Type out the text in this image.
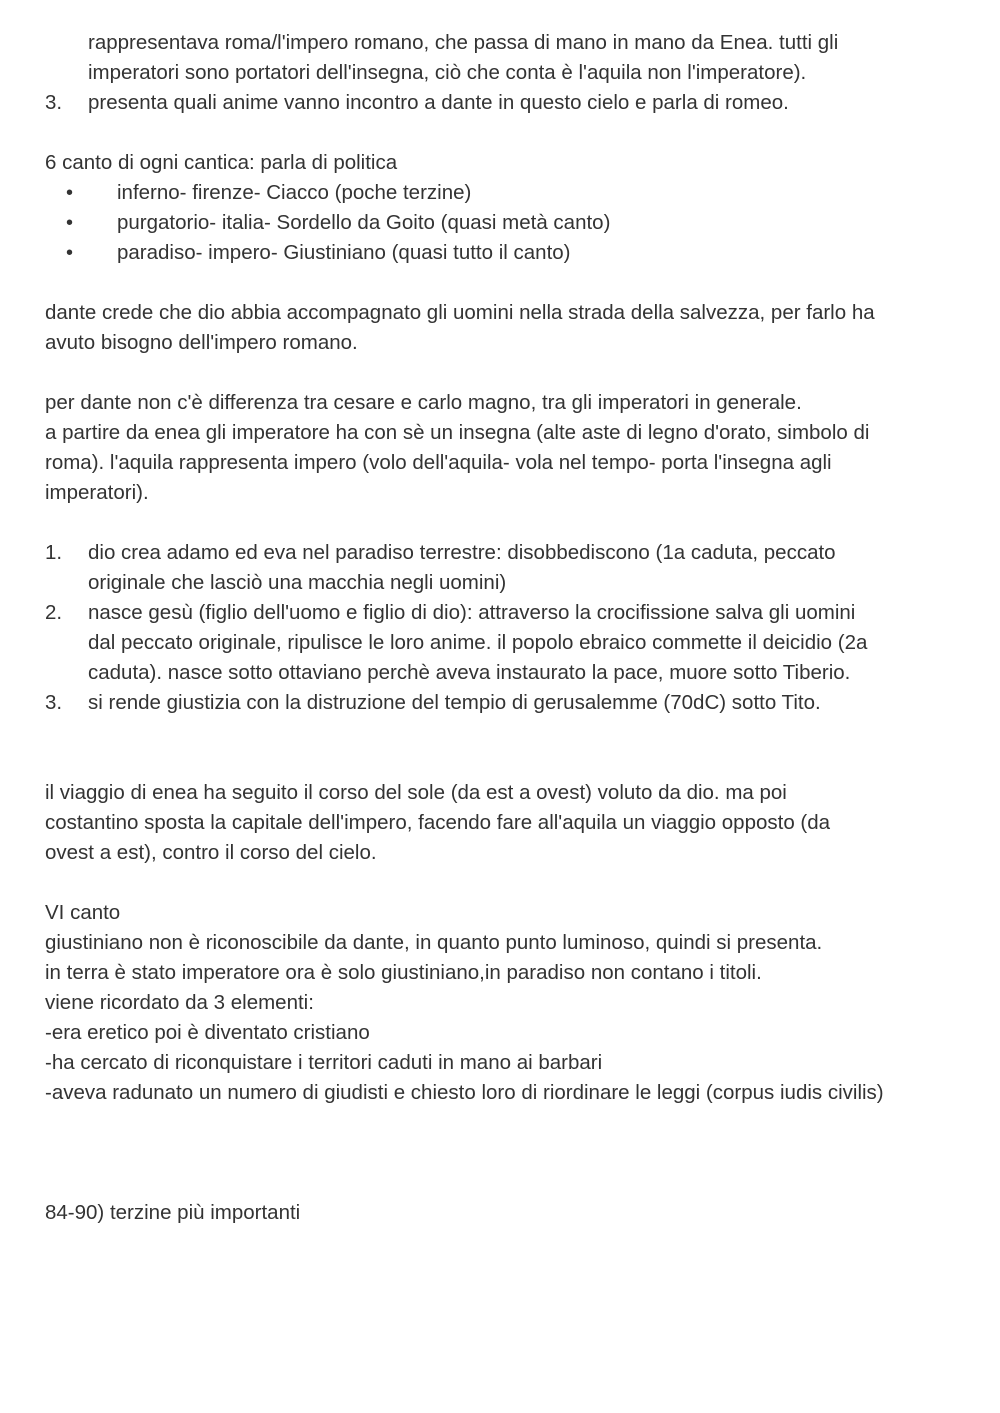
rappresentava roma/l'impero romano, che passa di mano in mano da Enea. tutti gli
imperatori sono portatori dell'insegna, ciò che conta è l'aquila non l'imperatore).
3. presenta quali anime vanno incontro a dante in questo cielo e parla di romeo.
6 canto di ogni cantica: parla di politica
• inferno- firenze- Ciacco (poche terzine)
• purgatorio- italia- Sordello da Goito (quasi metà canto)
• paradiso- impero- Giustiniano (quasi tutto il canto)
dante crede che dio abbia accompagnato gli uomini nella strada della salvezza, per farlo ha
avuto bisogno dell'impero romano.
per dante non c'è differenza tra cesare e carlo magno, tra gli imperatori in generale.
a partire da enea gli imperatore ha con sè un insegna (alte aste di legno d'orato, simbolo di
roma). l'aquila rappresenta impero (volo dell'aquila- vola nel tempo- porta l'insegna agli
imperatori).
1. dio crea adamo ed eva nel paradiso terrestre: disobbediscono (1a caduta, peccato
originale che lasciò una macchia negli uomini)
2. nasce gesù (figlio dell'uomo e figlio di dio): attraverso la crocifissione salva gli uomini
dal peccato originale, ripulisce le loro anime. il popolo ebraico commette il deicidio (2a
caduta). nasce sotto ottaviano perchè aveva instaurato la pace, muore sotto Tiberio.
3. si rende giustizia con la distruzione del tempio di gerusalemme (70dC) sotto Tito.
il viaggio di enea ha seguito il corso del sole (da est a ovest) voluto da dio. ma poi
costantino sposta la capitale dell'impero, facendo fare all'aquila un viaggio opposto (da
ovest a est), contro il corso del cielo.
VI canto
giustiniano non è riconoscibile da dante, in quanto punto luminoso, quindi si presenta.
in terra è stato imperatore ora è solo giustiniano,in paradiso non contano i titoli.
viene ricordato da 3 elementi:
-era eretico poi è diventato cristiano
-ha cercato di riconquistare i territori caduti in mano ai barbari
-aveva radunato un numero di giudisti e chiesto loro di riordinare le leggi (corpus iudis civilis)
84-90) terzine più importanti
